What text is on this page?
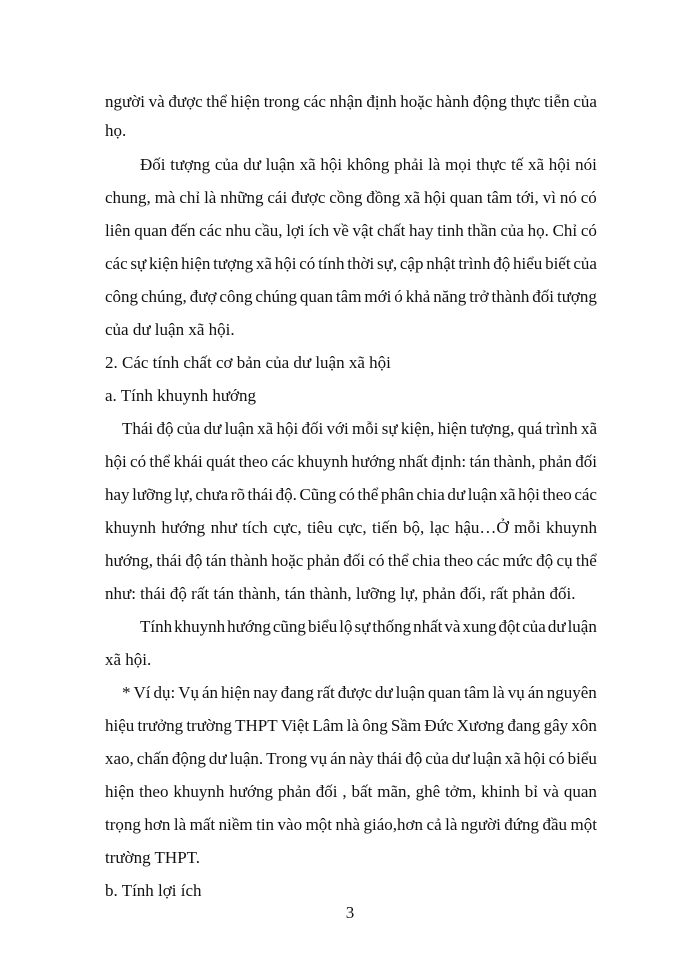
người và được thể hiện trong các nhận định hoặc hành động thực tiễn của
họ.
Đối tượng của dư luận xã hội không phải là mọi thực tế xã hội nói
chung, mà chỉ là những cái được cồng đồng xã hội quan tâm tới, vì nó có
liên quan đến các nhu cầu, lợi ích về vật chất hay tinh thần của họ. Chỉ có
các sự kiện hiện tượng xã hội có tính thời sự, cập nhật trình độ hiểu biết của
công chúng, đượ công chúng quan tâm mới ó khả năng trở thành đối tượng
của dư luận xã hội.
2. Các tính chất cơ bản của dư luận xã hội
a. Tính khuynh hướng
Thái độ của dư luận xã hội đối với mỗi sự kiện, hiện tượng, quá trình xã
hội có thể khái quát theo các khuynh hướng nhất định: tán thành, phản đối
hay lưỡng lự, chưa rõ thái độ. Cũng có thể phân chia dư luận xã hội theo các
khuynh hướng như tích cực, tiêu cực, tiến bộ, lạc hậu…Ở mỗi khuynh
hướng, thái độ tán thành hoặc phản đối có thể chia theo các mức độ cụ thể
như: thái độ rất tán thành, tán thành, lưỡng lự, phản đối, rất phản đối.
Tính khuynh hướng cũng biểu lộ sự thống nhất và xung đột của dư luận
xã hội.
* Ví dụ: Vụ án hiện nay đang rất được dư luận quan tâm là vụ án nguyên
hiệu trưởng trường THPT Việt Lâm là ông Sầm Đức Xương đang gây xôn
xao, chấn động dư luận. Trong vụ án này thái độ của dư luận xã hội có biểu
hiện theo khuynh hướng phản đối , bất mãn, ghê tởm, khinh bỉ và quan
trọng hơn là mất niềm tin vào một nhà giáo,hơn cả là người đứng đầu một
trường THPT.
b. Tính lợi ích
3
